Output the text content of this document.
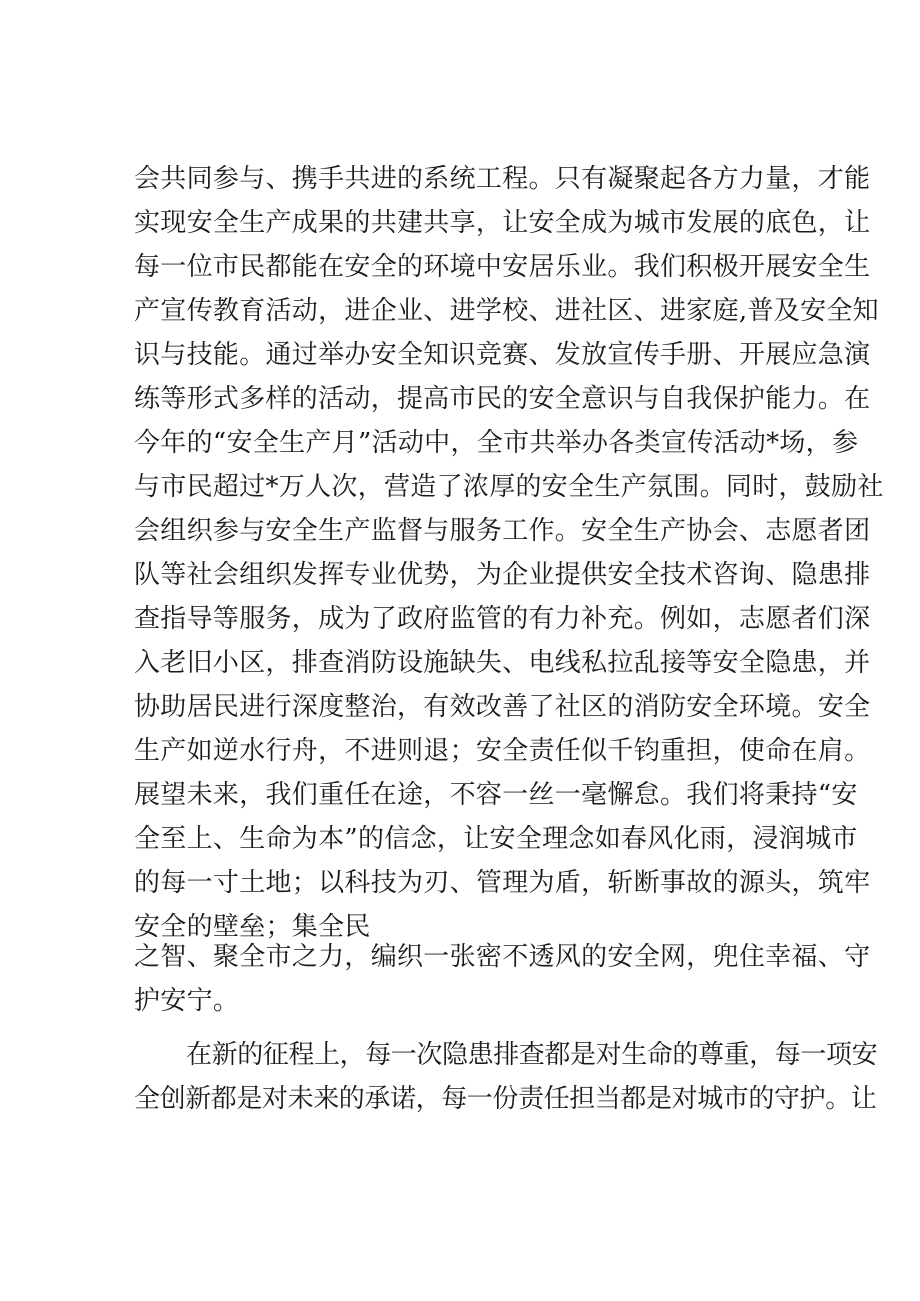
会共同参与、携手共进的系统工程。只有凝聚起各方力量，才能
实现安全生产成果的共建共享，让安全成为城市发展的底色，让
每一位市民都能在安全的环境中安居乐业。我们积极开展安全生
产宣传教育活动，进企业、进学校、进社区、进家庭,普及安全知
识与技能。通过举办安全知识竞赛、发放宣传手册、开展应急演
练等形式多样的活动，提高市民的安全意识与自我保护能力。在
今年的“安全生产月”活动中，全市共举办各类宣传活动*场，参
与市民超过*万人次，营造了浓厚的安全生产氛围。同时，鼓励社
会组织参与安全生产监督与服务工作。安全生产协会、志愿者团
队等社会组织发挥专业优势，为企业提供安全技术咨询、隐患排
查指导等服务，成为了政府监管的有力补充。例如，志愿者们深
入老旧小区，排查消防设施缺失、电线私拉乱接等安全隐患，并
协助居民进行深度整治，有效改善了社区的消防安全环境。安全
生产如逆水行舟，不进则退；安全责任似千钧重担，使命在肩。
展望未来，我们重任在途，不容一丝一毫懈怠。我们将秉持“安
全至上、生命为本”的信念，让安全理念如春风化雨，浸润城市
的每一寸土地；以科技为刃、管理为盾，斩断事故的源头，筑牢
安全的壁垒；集全民
之智、聚全市之力，编织一张密不透风的安全网，兜住幸福、守
护安宁。
在新的征程上，每一次隐患排查都是对生命的尊重，每一项安
全创新都是对未来的承诺，每一份责任担当都是对城市的守护。让
